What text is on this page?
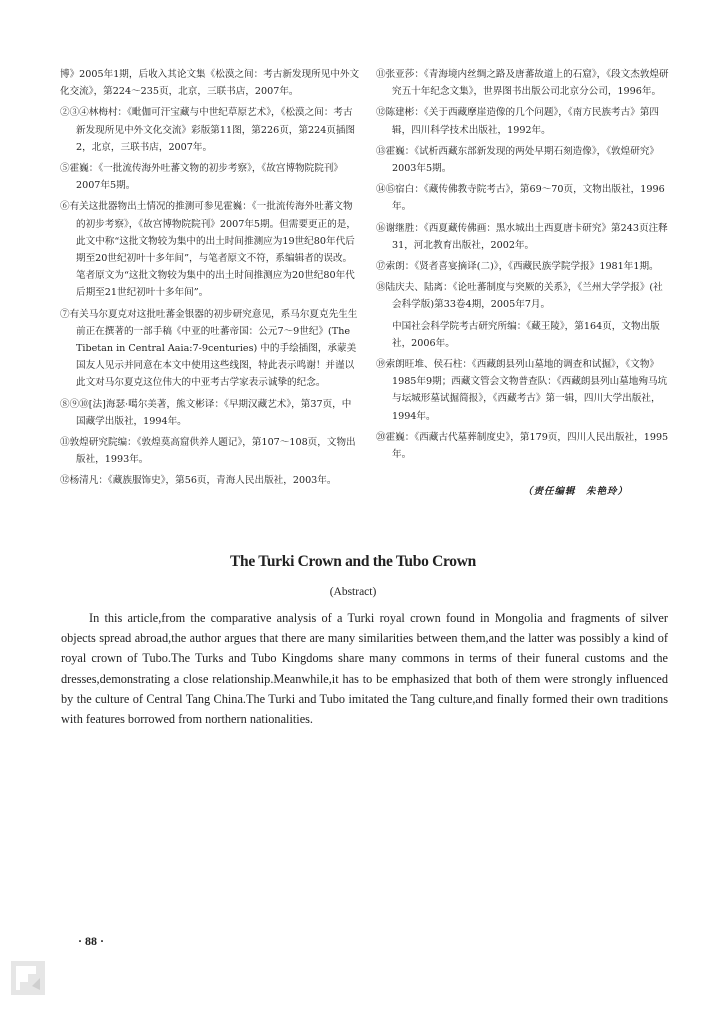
博》2005年1期，后收入其论文集《松漠之间：考古新发现所见中外文化交流》，第224～235页，北京，三联书店，2007年。

②③④林梅村：《毗伽可汗宝藏与中世纪草原艺术》，《松漠之间：考古新发现所见中外文化交流》彩版第11图，第226页，第224页插图2，北京，三联书店，2007年。

⑤霍巍：《一批流传海外吐蕃文物的初步考察》，《故宫博物院院刊》2007年5期。

⑥有关这批器物出土情况的推测可参见霍巍：《一批流传海外吐蕃文物的初步考察》，《故宫博物院院刊》2007年5期。但需要更正的是，此文中称“这批文物较为集中的出土时间推测应为19世纪80年代后期至20世纪初叶十多年间”，与笔者原文不符，系编辑者的误改。笔者原文为“这批文物较为集中的出土时间推测应为20世纪80年代后期至21世纪初叶十多年间”。

⑦有关马尔夏克对这批吐蕃金银器的初步研究意见，系马尔夏克先生生前正在撰著的一部手稿《中亚的吐蕃帝国：公元7～9世纪》(The Tibetan in Central Aaia:7-9centuries) 中的手绘插图，承蒙美国友人见示并同意在本文中使用这些线图，特此表示鸣谢！并谨以此文对马尔夏克这位伟大的中亚考古学家表示诚挚的纪念。

⑧⑨⑩[法]海瑟·噶尔美著，熊文彬译：《早期汉藏艺术》，第37页，中国藏学出版社，1994年。

⑪敦煌研究院编：《敦煌莫高窟供养人题记》，第107～108页，文物出版社，1993年。

⑫杨清凡：《藏族服饰史》，第56页，青海人民出版社，2003年。

⑪张亚莎：《青海境内丝绸之路及唐蕃故道上的石窟》，《段文杰敦煌研究五十年纪念文集》，世界图书出版公司北京分公司，1996年。

⑫陈建彬：《关于西藏摩崖造像的几个问题》，《南方民族考古》第四辑，四川科学技术出版社，1992年。

⑬霍巍：《试析西藏东部新发现的两处早期石刻造像》，《敦煌研究》2003年5期。

⑭⑮宿白：《藏传佛教寺院考古》，第69～70页，文物出版社，1996年。

⑯谢继胜：《西夏藏传佛画：黑水城出土西夏唐卡研究》第243页注释31，河北教育出版社，2002年。

⑰索朗：《贤者喜宴摘译(二)》，《西藏民族学院学报》1981年1期。

⑱陆庆夫、陆离：《论吐蕃制度与突厥的关系》，《兰州大学学报》(社会科学版)第33卷4期，2005年7月。

中国社会科学院考古研究所编：《藏王陵》，第164页，文物出版社，2006年。

⑲索朗旺堆、侯石柱：《西藏朗县列山墓地的调查和试掘》，《文物》1985年9期；西藏文管会文物普查队：《西藏朗县列山墓地殉马坑与坛城形墓试掘简报》，《西藏考古》第一辑，四川大学出版社，1994年。

⑳霍巍：《西藏古代墓葬制度史》，第179页，四川人民出版社，1995年。

（责任编辑　朱艳玲）
The Turki Crown and the Tubo Crown
(Abstract)
In this article,from the comparative analysis of a Turki royal crown found in Mongolia and fragments of silver objects spread abroad,the author argues that there are many similarities between them,and the latter was possibly a kind of royal crown of Tubo.The Turks and Tubo Kingdoms share many commons in terms of their funeral customs and the dresses,demonstrating a close relationship.Meanwhile,it has to be emphasized that both of them were strongly influenced by the culture of Central Tang China.The Turki and Tubo imitated the Tang culture,and finally formed their own traditions with features borrowed from northern nationalities.
· 88 ·
